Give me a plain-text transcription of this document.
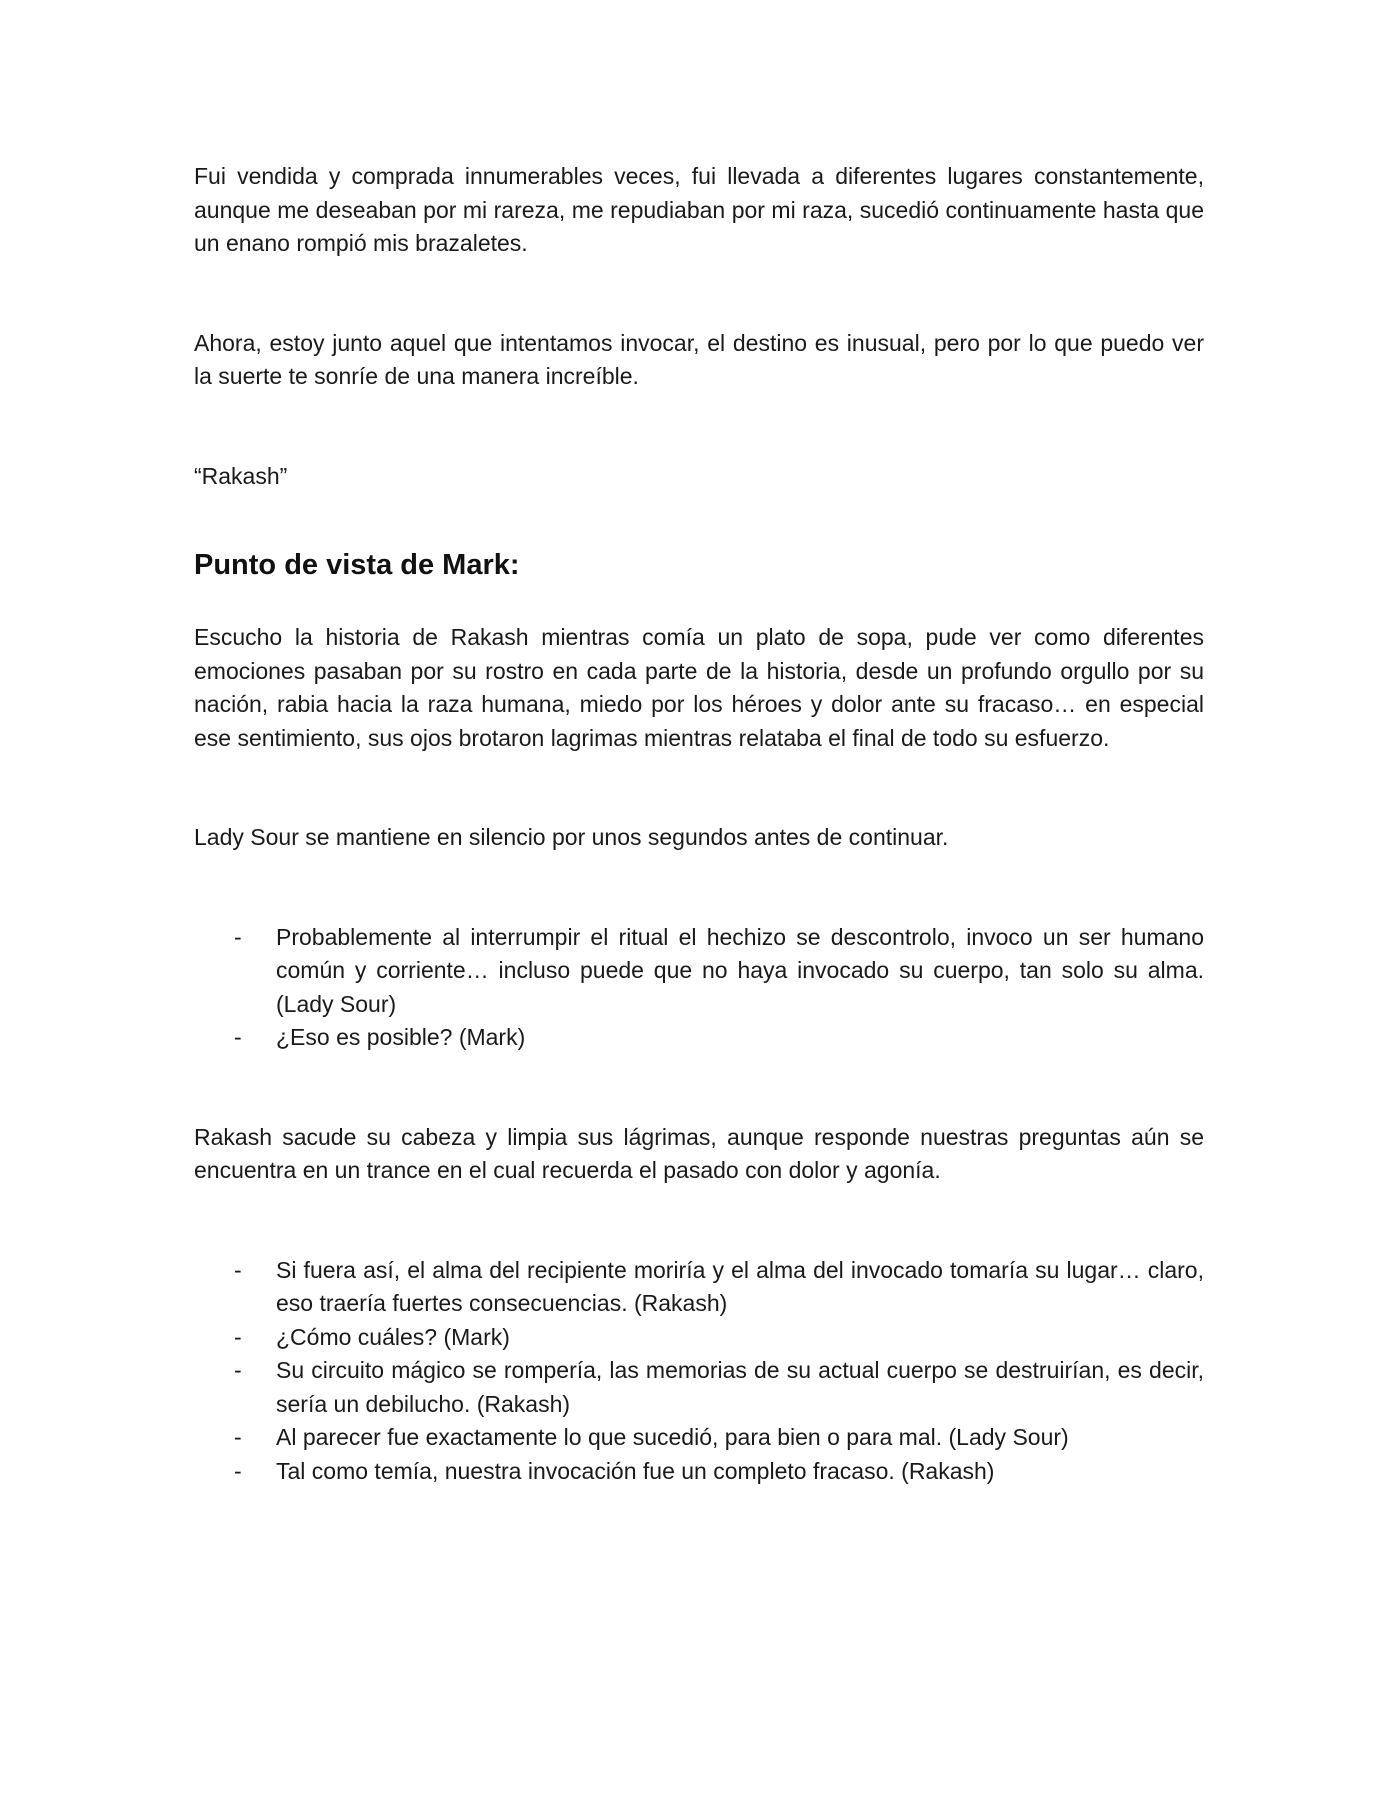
Fui vendida y comprada innumerables veces, fui llevada a diferentes lugares constantemente, aunque me deseaban por mi rareza, me repudiaban por mi raza, sucedió continuamente hasta que un enano rompió mis brazaletes.

Ahora, estoy junto aquel que intentamos invocar, el destino es inusual, pero por lo que puedo ver la suerte te sonríe de una manera increíble.

“Rakash”

Punto de vista de Mark:

Escucho la historia de Rakash mientras comía un plato de sopa, pude ver como diferentes emociones pasaban por su rostro en cada parte de la historia, desde un profundo orgullo por su nación, rabia hacia la raza humana, miedo por los héroes y dolor ante su fracaso… en especial ese sentimiento, sus ojos brotaron lagrimas mientras relataba el final de todo su esfuerzo.

Lady Sour se mantiene en silencio por unos segundos antes de continuar.

- Probablemente al interrumpir el ritual el hechizo se descontrolo, invoco un ser humano común y corriente… incluso puede que no haya invocado su cuerpo, tan solo su alma. (Lady Sour)
- ¿Eso es posible? (Mark)

Rakash sacude su cabeza y limpia sus lágrimas, aunque responde nuestras preguntas aún se encuentra en un trance en el cual recuerda el pasado con dolor y agonía.

- Si fuera así, el alma del recipiente moriría y el alma del invocado tomaría su lugar… claro, eso traería fuertes consecuencias. (Rakash)
- ¿Cómo cuáles? (Mark)
- Su circuito mágico se rompería, las memorias de su actual cuerpo se destruirían, es decir, sería un debilucho. (Rakash)
- Al parecer fue exactamente lo que sucedió, para bien o para mal. (Lady Sour)
- Tal como temía, nuestra invocación fue un completo fracaso. (Rakash)
